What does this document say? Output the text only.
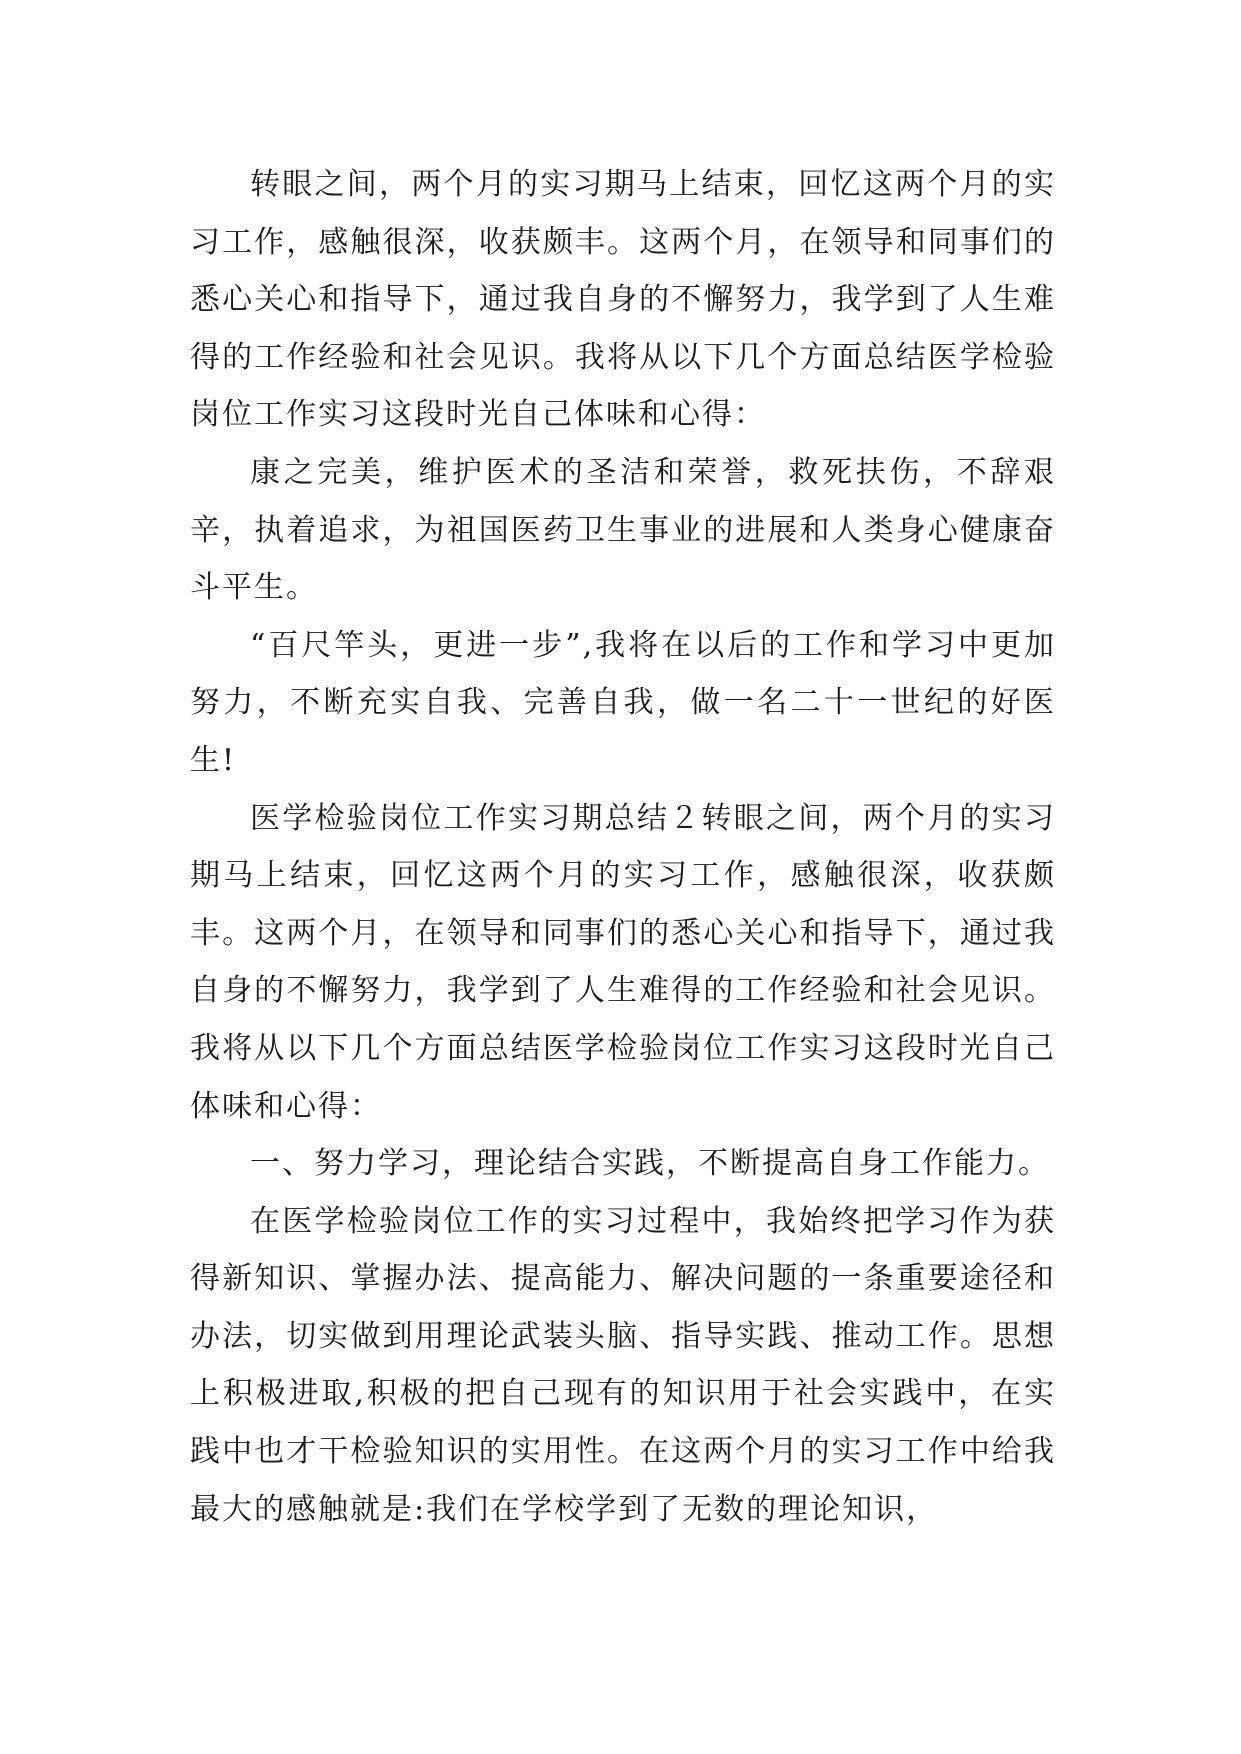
转眼之间，两个月的实习期马上结束，回忆这两个月的实习工作，感触很深，收获颇丰。这两个月，在领导和同事们的悉心关心和指导下，通过我自身的不懈努力，我学到了人生难得的工作经验和社会见识。我将从以下几个方面总结医学检验岗位工作实习这段时光自己体味和心得：

康之完美，维护医术的圣洁和荣誉，救死扶伤，不辞艰辛，执着追求，为祖国医药卫生事业的进展和人类身心健康奋斗平生。

“百尺竿头，更进一步”,我将在以后的工作和学习中更加努力，不断充实自我、完善自我，做一名二十一世纪的好医生!

医学检验岗位工作实习期总结２转眼之间，两个月的实习期马上结束，回忆这两个月的实习工作，感触很深，收获颇丰。这两个月，在领导和同事们的悉心关心和指导下，通过我自身的不懈努力，我学到了人生难得的工作经验和社会见识。我将从以下几个方面总结医学检验岗位工作实习这段时光自己体味和心得：

一、努力学习，理论结合实践，不断提高自身工作能力。

在医学检验岗位工作的实习过程中，我始终把学习作为获得新知识、掌握办法、提高能力、解决问题的一条重要途径和办法，切实做到用理论武装头脑、指导实践、推动工作。思想上积极进取,积极的把自己现有的知识用于社会实践中，在实践中也才干检验知识的实用性。在这两个月的实习工作中给我最大的感触就是:我们在学校学到了无数的理论知识，
